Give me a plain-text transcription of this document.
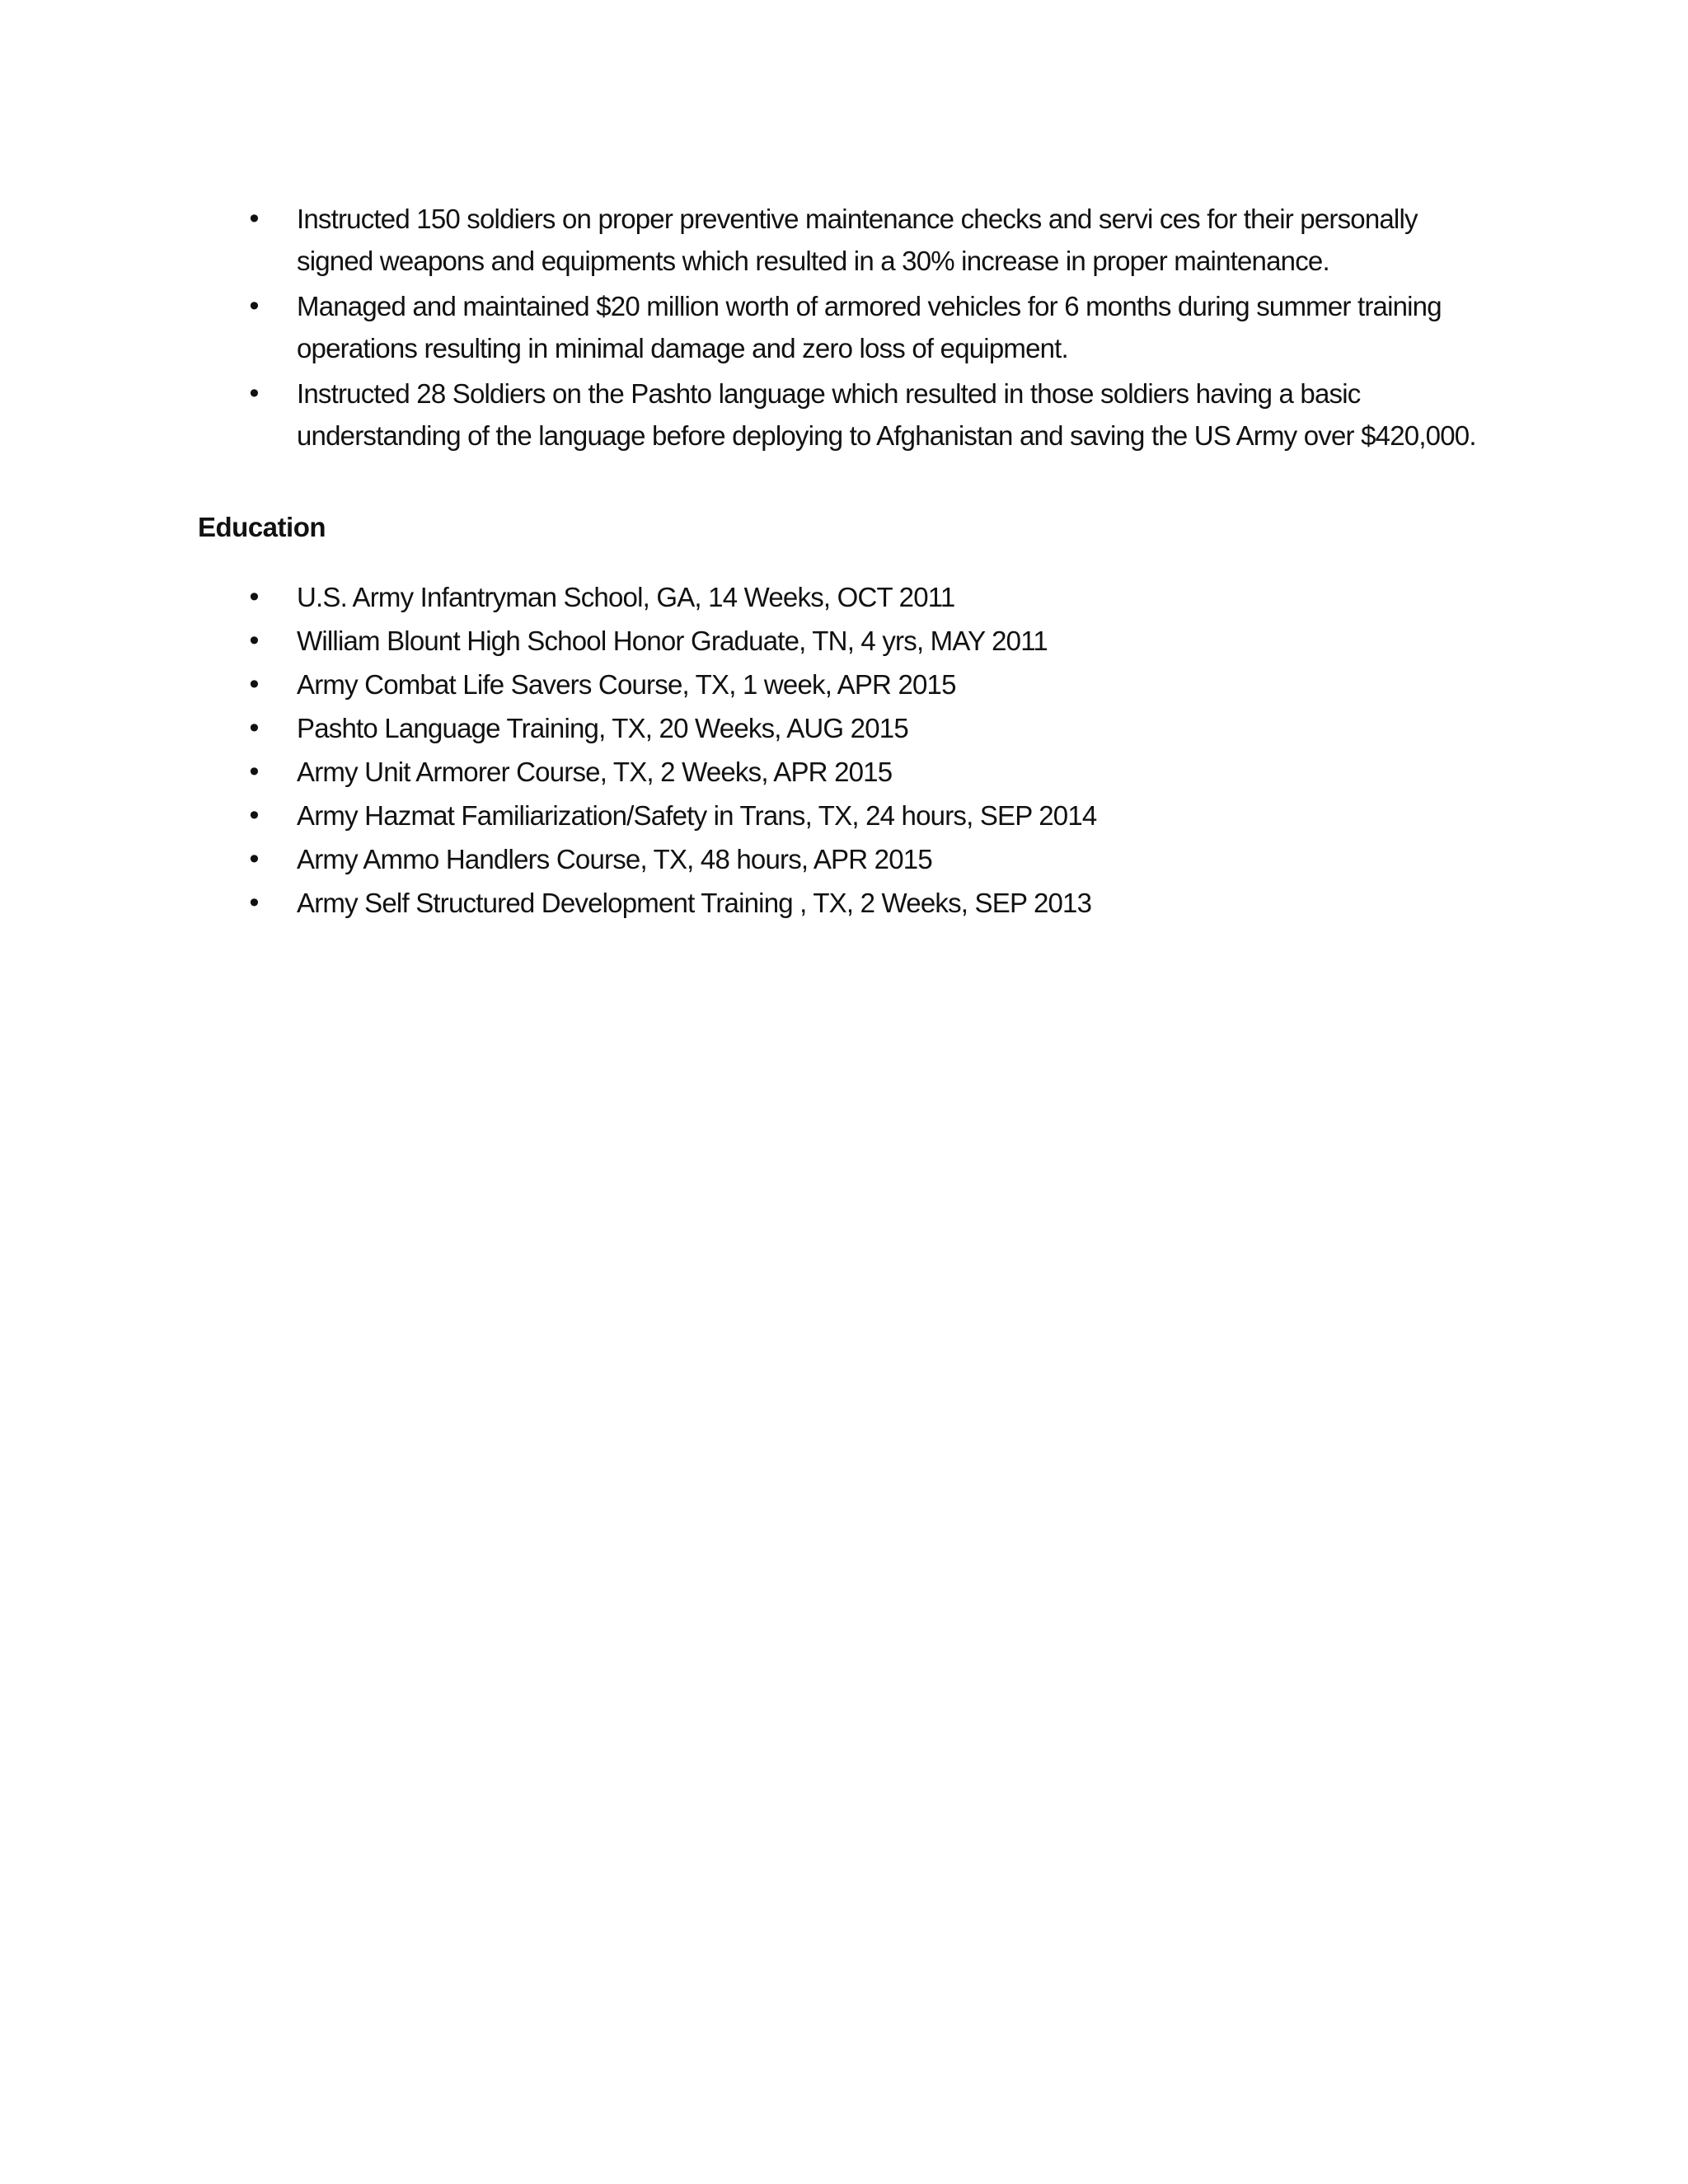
• Instructed 150 soldiers on proper preventive maintenance checks and servi ces for their personally signed weapons and equipments which resulted in a 30% increase in proper maintenance.
• Managed and maintained $20 million worth of armored vehicles for 6 months during summer training operations resulting in minimal damage and zero loss of equipment.
• Instructed 28 Soldiers on the Pashto language which resulted in those soldiers having a basic understanding of the language before deploying to Afghanistan and saving the US Army over $420,000.
Education
• U.S. Army Infantryman School, GA, 14 Weeks, OCT 2011
• William Blount High School Honor Graduate, TN, 4 yrs, MAY 2011
• Army Combat Life Savers Course, TX, 1 week, APR 2015
• Pashto Language Training, TX, 20 Weeks, AUG 2015
• Army Unit Armorer Course, TX, 2 Weeks, APR 2015
• Army Hazmat Familiarization/Safety in Trans, TX, 24 hours, SEP 2014
• Army Ammo Handlers Course, TX, 48 hours, APR 2015
• Army Self Structured Development Training , TX, 2 Weeks, SEP 2013
